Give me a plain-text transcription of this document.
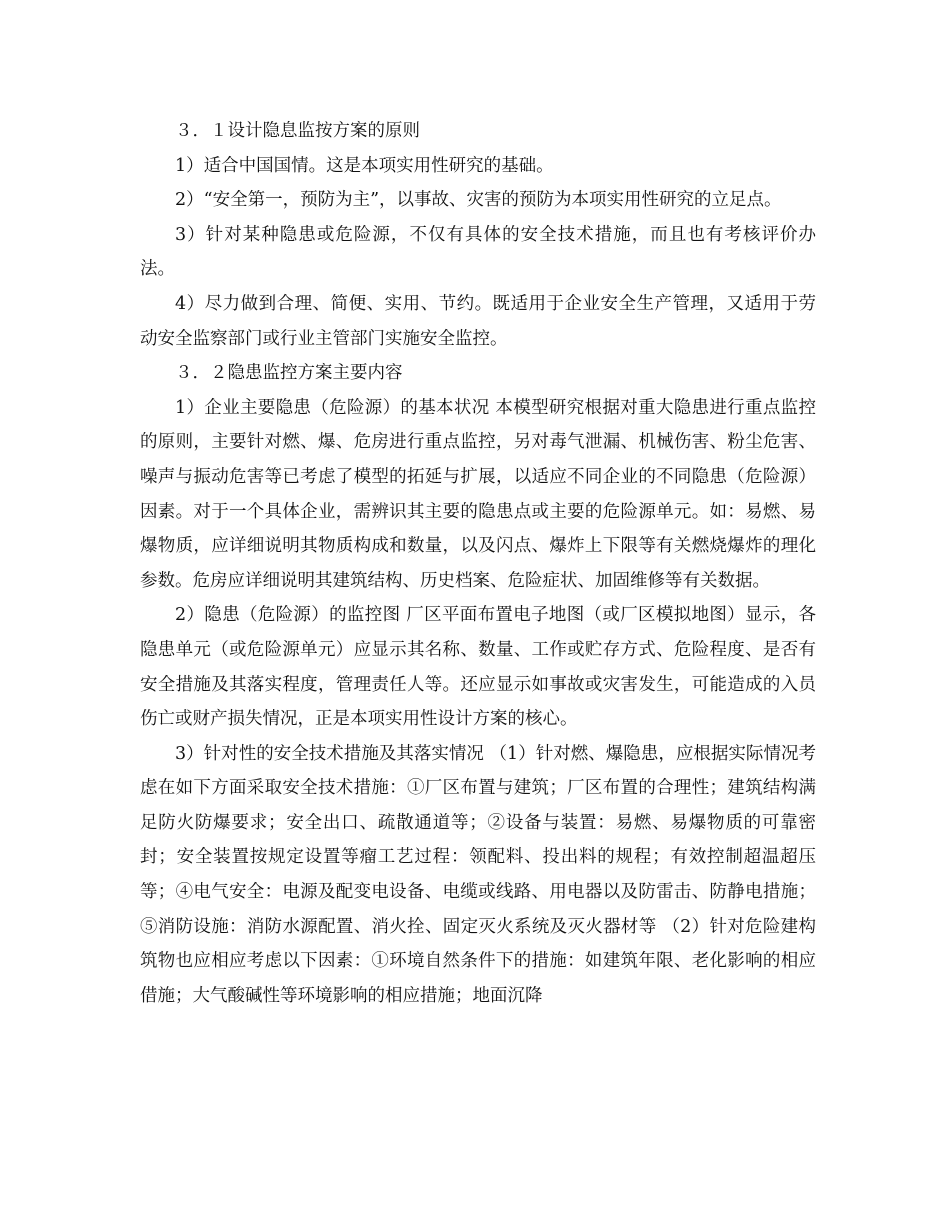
３．１设计隐息监按方案的原则

1）适合中国国情。这是本项实用性研究的基础。

2）“安全第一，预防为主”，以事故、灾害的预防为本项实用性研究的立足点。

3）针对某种隐患或危险源，不仅有具体的安全技术措施，而且也有考核评价办法。

4）尽力做到合理、简便、实用、节约。既适用于企业安全生产管理，又适用于劳动安全监察部门或行业主管部门实施安全监控。

３．２隐患监控方案主要内容

1）企业主要隐患（危险源）的基本状况 本模型研究根据对重大隐患进行重点监控的原则，主要针对燃、爆、危房进行重点监控，另对毒气泄漏、机械伤害、粉尘危害、噪声与振动危害等已考虑了模型的拓延与扩展，以适应不同企业的不同隐患（危险源）因素。对于一个具体企业，需辨识其主要的隐患点或主要的危险源单元。如：易燃、易爆物质，应详细说明其物质构成和数量，以及闪点、爆炸上下限等有关燃烧爆炸的理化参数。危房应详细说明其建筑结构、历史档案、危险症状、加固维修等有关数据。

2）隐患（危险源）的监控图 厂区平面布置电子地图（或厂区模拟地图）显示，各隐患单元（或危险源单元）应显示其名称、数量、工作或贮存方式、危险程度、是否有安全措施及其落实程度，管理责任人等。还应显示如事故或灾害发生，可能造成的入员伤亡或财产损失情况，正是本项实用性设计方案的核心。

3）针对性的安全技术措施及其落实情况 （1）针对燃、爆隐患，应根据实际情况考虑在如下方面采取安全技术措施：①厂区布置与建筑；厂区布置的合理性；建筑结构满足防火防爆要求；安全出口、疏散通道等；②设备与装置：易燃、易爆物质的可靠密封；安全装置按规定设置等瘤工艺过程：领配料、投出料的规程；有效控制超温超压等；④电气安全：电源及配变电设备、电缆或线路、用电器以及防雷击、防静电措施；⑤消防设施：消防水源配置、消火拴、固定灭火系统及灭火器材等 （2）针对危险建构筑物也应相应考虑以下因素：①环境自然条件下的措施：如建筑年限、老化影响的相应借施；大气酸碱性等环境影响的相应措施；地面沉降
